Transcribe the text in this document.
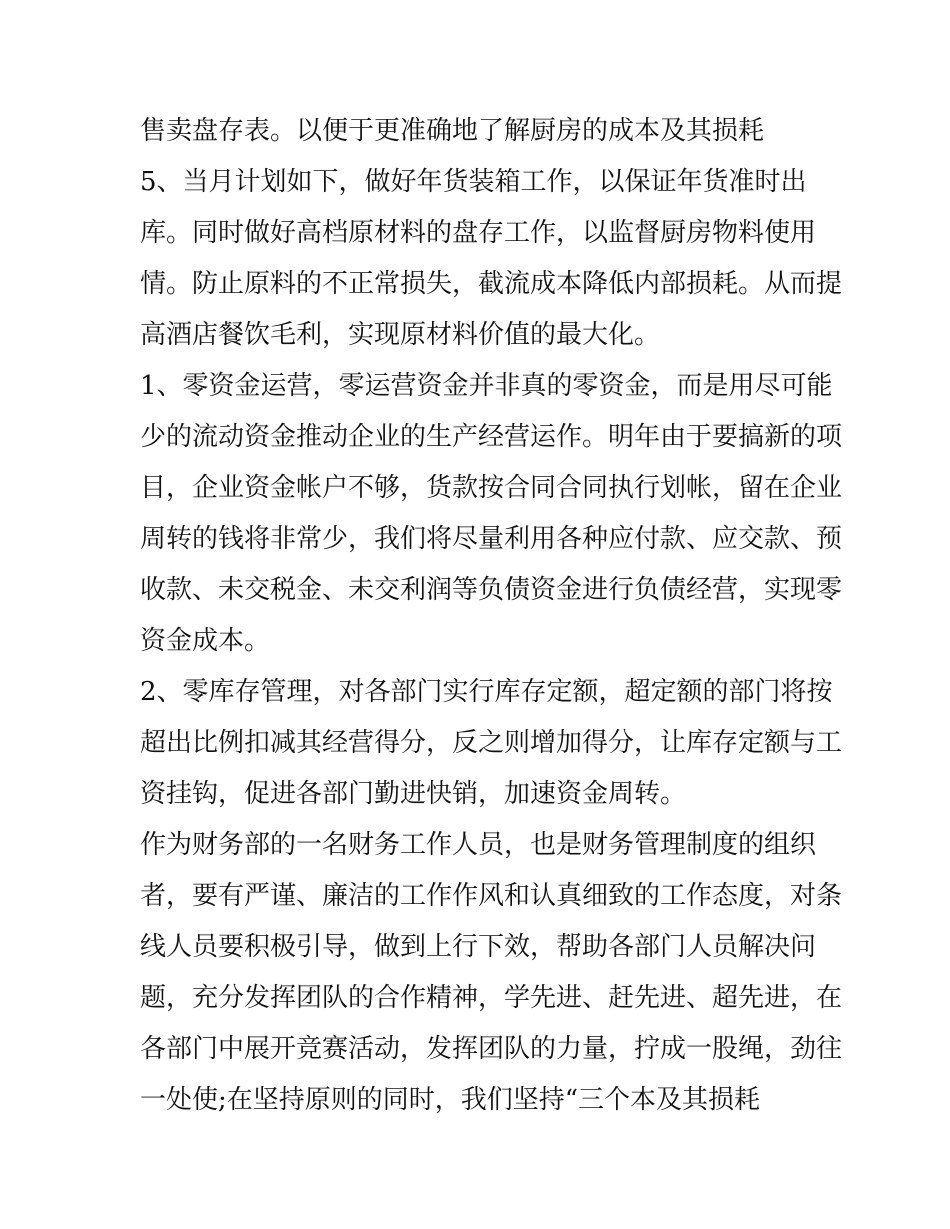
售卖盘存表。以便于更准确地了解厨房的成本及其损耗
5、当月计划如下，做好年货装箱工作，以保证年货准时出
库。同时做好高档原材料的盘存工作，以监督厨房物料使用
情。防止原料的不正常损失，截流成本降低内部损耗。从而提
高酒店餐饮毛利，实现原材料价值的最大化。
1、零资金运营，零运营资金并非真的零资金，而是用尽可能
少的流动资金推动企业的生产经营运作。明年由于要搞新的项
目，企业资金帐户不够，货款按合同合同执行划帐，留在企业
周转的钱将非常少，我们将尽量利用各种应付款、应交款、预
收款、未交税金、未交利润等负债资金进行负债经营，实现零
资金成本。
2、零库存管理，对各部门实行库存定额，超定额的部门将按
超出比例扣减其经营得分，反之则增加得分，让库存定额与工
资挂钩，促进各部门勤进快销，加速资金周转。
作为财务部的一名财务工作人员，也是财务管理制度的组织
者，要有严谨、廉洁的工作作风和认真细致的工作态度，对条
线人员要积极引导，做到上行下效，帮助各部门人员解决问
题，充分发挥团队的合作精神，学先进、赶先进、超先进，在
各部门中展开竞赛活动，发挥团队的力量，拧成一股绳，劲往
一处使;在坚持原则的同时，我们坚持“三个本及其损耗
